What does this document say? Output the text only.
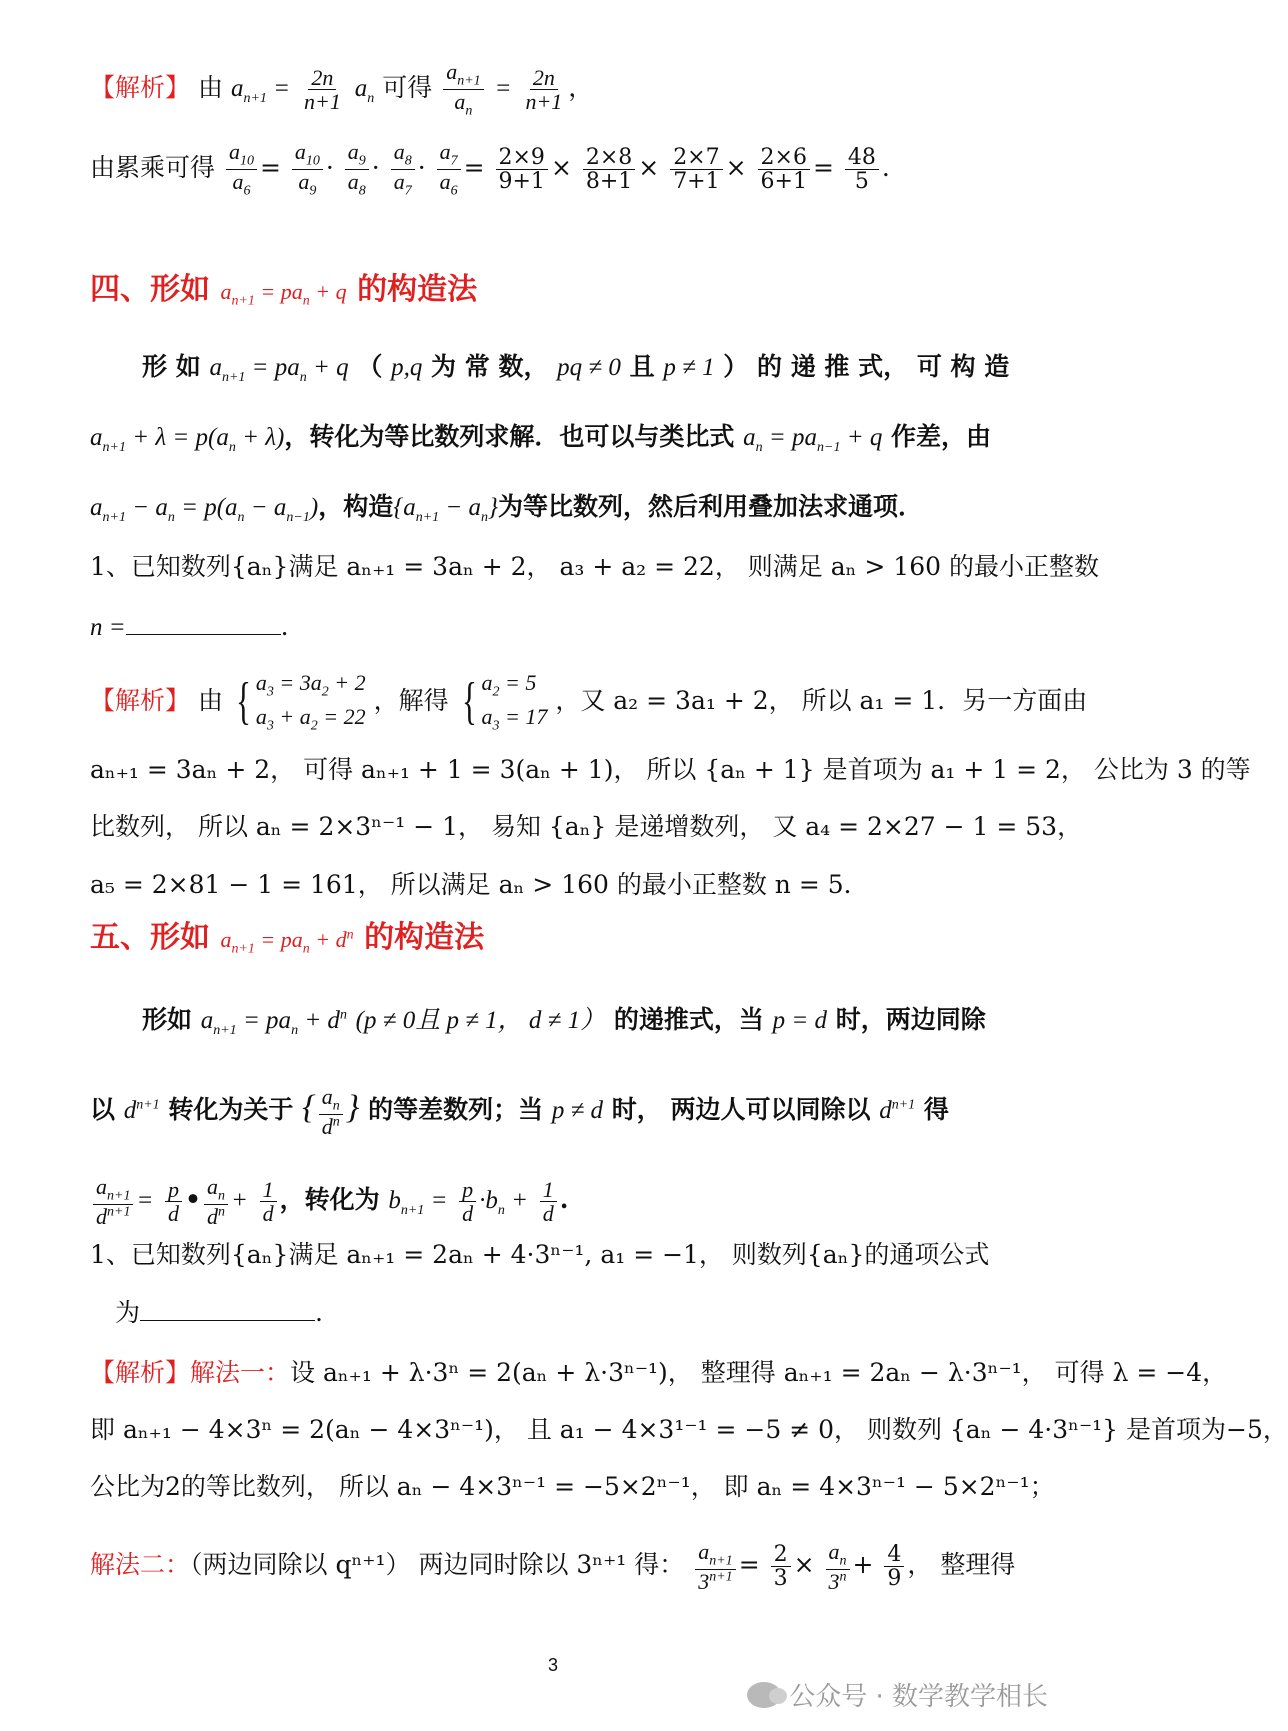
【解析】 由 $a_{n+1} = \frac{2n}{n+1} a_n$ 可得 $\frac{a_{n+1}}{a_n} = \frac{2n}{n+1}$ ，
由累乘可得 $\frac{a_{10}}{a_6} = \frac{a_{10}}{a_9} \cdot \frac{a_9}{a_8} \cdot \frac{a_8}{a_7} \cdot \frac{a_7}{a_6} = \frac{2\times 9}{9+1} \times \frac{2\times 8}{8+1} \times \frac{2\times 7}{7+1} \times \frac{2\times 6}{6+1} = \frac{48}{5}$ .
四、形如 $a_{n+1} = pa_n + q$ 的构造法
形 如 $a_{n+1} = pa_n + q$ （ p,q 为 常 数， pq ≠ 0 且 p ≠ 1 ） 的 递 推 式， 可 构 造
$a_{n+1} + \lambda = p(a_n + \lambda)$，转化为等比数列求解．也可以与类比式 $a_n = pa_{n-1} + q$ 作差，由
$a_{n+1} - a_n = p(a_n - a_{n-1})$，构造$\{a_{n+1} - a_n\}$为等比数列，然后利用叠加法求通项．
1、已知数列{aₙ}满足 aₙ₊₁ = 3aₙ + 2， a₃ + a₂ = 22， 则满足 aₙ > 160 的最小正整数
n =	.
【解析】 由 { $a_3 = 3a_2 + 2$
$a_3 + a_2 = 22$
，解得 { $a_2 = 5$
$a_3 = 17$
，又 a₂ = 3a₁ + 2， 所以 a₁ = 1．另一方面由
aₙ₊₁ = 3aₙ + 2， 可得 aₙ₊₁ + 1 = 3(aₙ + 1)， 所以 {aₙ + 1} 是首项为 a₁ + 1 = 2， 公比为 3 的等
比数列， 所以 aₙ = 2×3ⁿ⁻¹ − 1， 易知 {aₙ} 是递增数列， 又 a₄ = 2×27 − 1 = 53，
a₅ = 2×81 − 1 = 161， 所以满足 aₙ > 160 的最小正整数 n = 5．
五、形如 $a_{n+1} = pa_n + d^n$ 的构造法
形如 $a_{n+1} = pa_n + d^n$ (p ≠ 0且 p ≠ 1， d ≠ 1） 的递推式，当 p = d 时，两边同除
以 $d^{n+1}$ 转化为关于 { $\frac{a_n}{d^n}$ } 的等差数列；当 p ≠ d 时， 两边人可以同除以 $d^{n+1}$ 得
$\frac{a_{n+1}}{d^{n+1}} = \frac{p}{d}$ • $\frac{a_n}{d^n} + \frac{1}{d}$ ，转化为 $b_{n+1} = \frac{p}{d} \cdot b_n + \frac{1}{d}$ .
1、已知数列{aₙ}满足 aₙ₊₁ = 2aₙ + 4·3ⁿ⁻¹, a₁ = −1， 则数列{aₙ}的通项公式
为	.
【解析】解法一：设 aₙ₊₁ + λ·3ⁿ = 2(aₙ + λ·3ⁿ⁻¹)， 整理得 aₙ₊₁ = 2aₙ − λ·3ⁿ⁻¹， 可得 λ = −4，
即 aₙ₊₁ − 4×3ⁿ = 2(aₙ − 4×3ⁿ⁻¹)， 且 a₁ − 4×3¹⁻¹ = −5 ≠ 0， 则数列 {aₙ − 4·3ⁿ⁻¹} 是首项为−5，
公比为2的等比数列， 所以 aₙ − 4×3ⁿ⁻¹ = −5×2ⁿ⁻¹， 即 aₙ = 4×3ⁿ⁻¹ − 5×2ⁿ⁻¹；
解法二：（两边同除以 qⁿ⁺¹） 两边同时除以 3ⁿ⁺¹ 得： $\frac{a_{n+1}}{3^{n+1}} = \frac{2}{3} \times \frac{a_n}{3^n} + \frac{4}{9}$ ， 整理得
3
公众号 · 数学教学相长
